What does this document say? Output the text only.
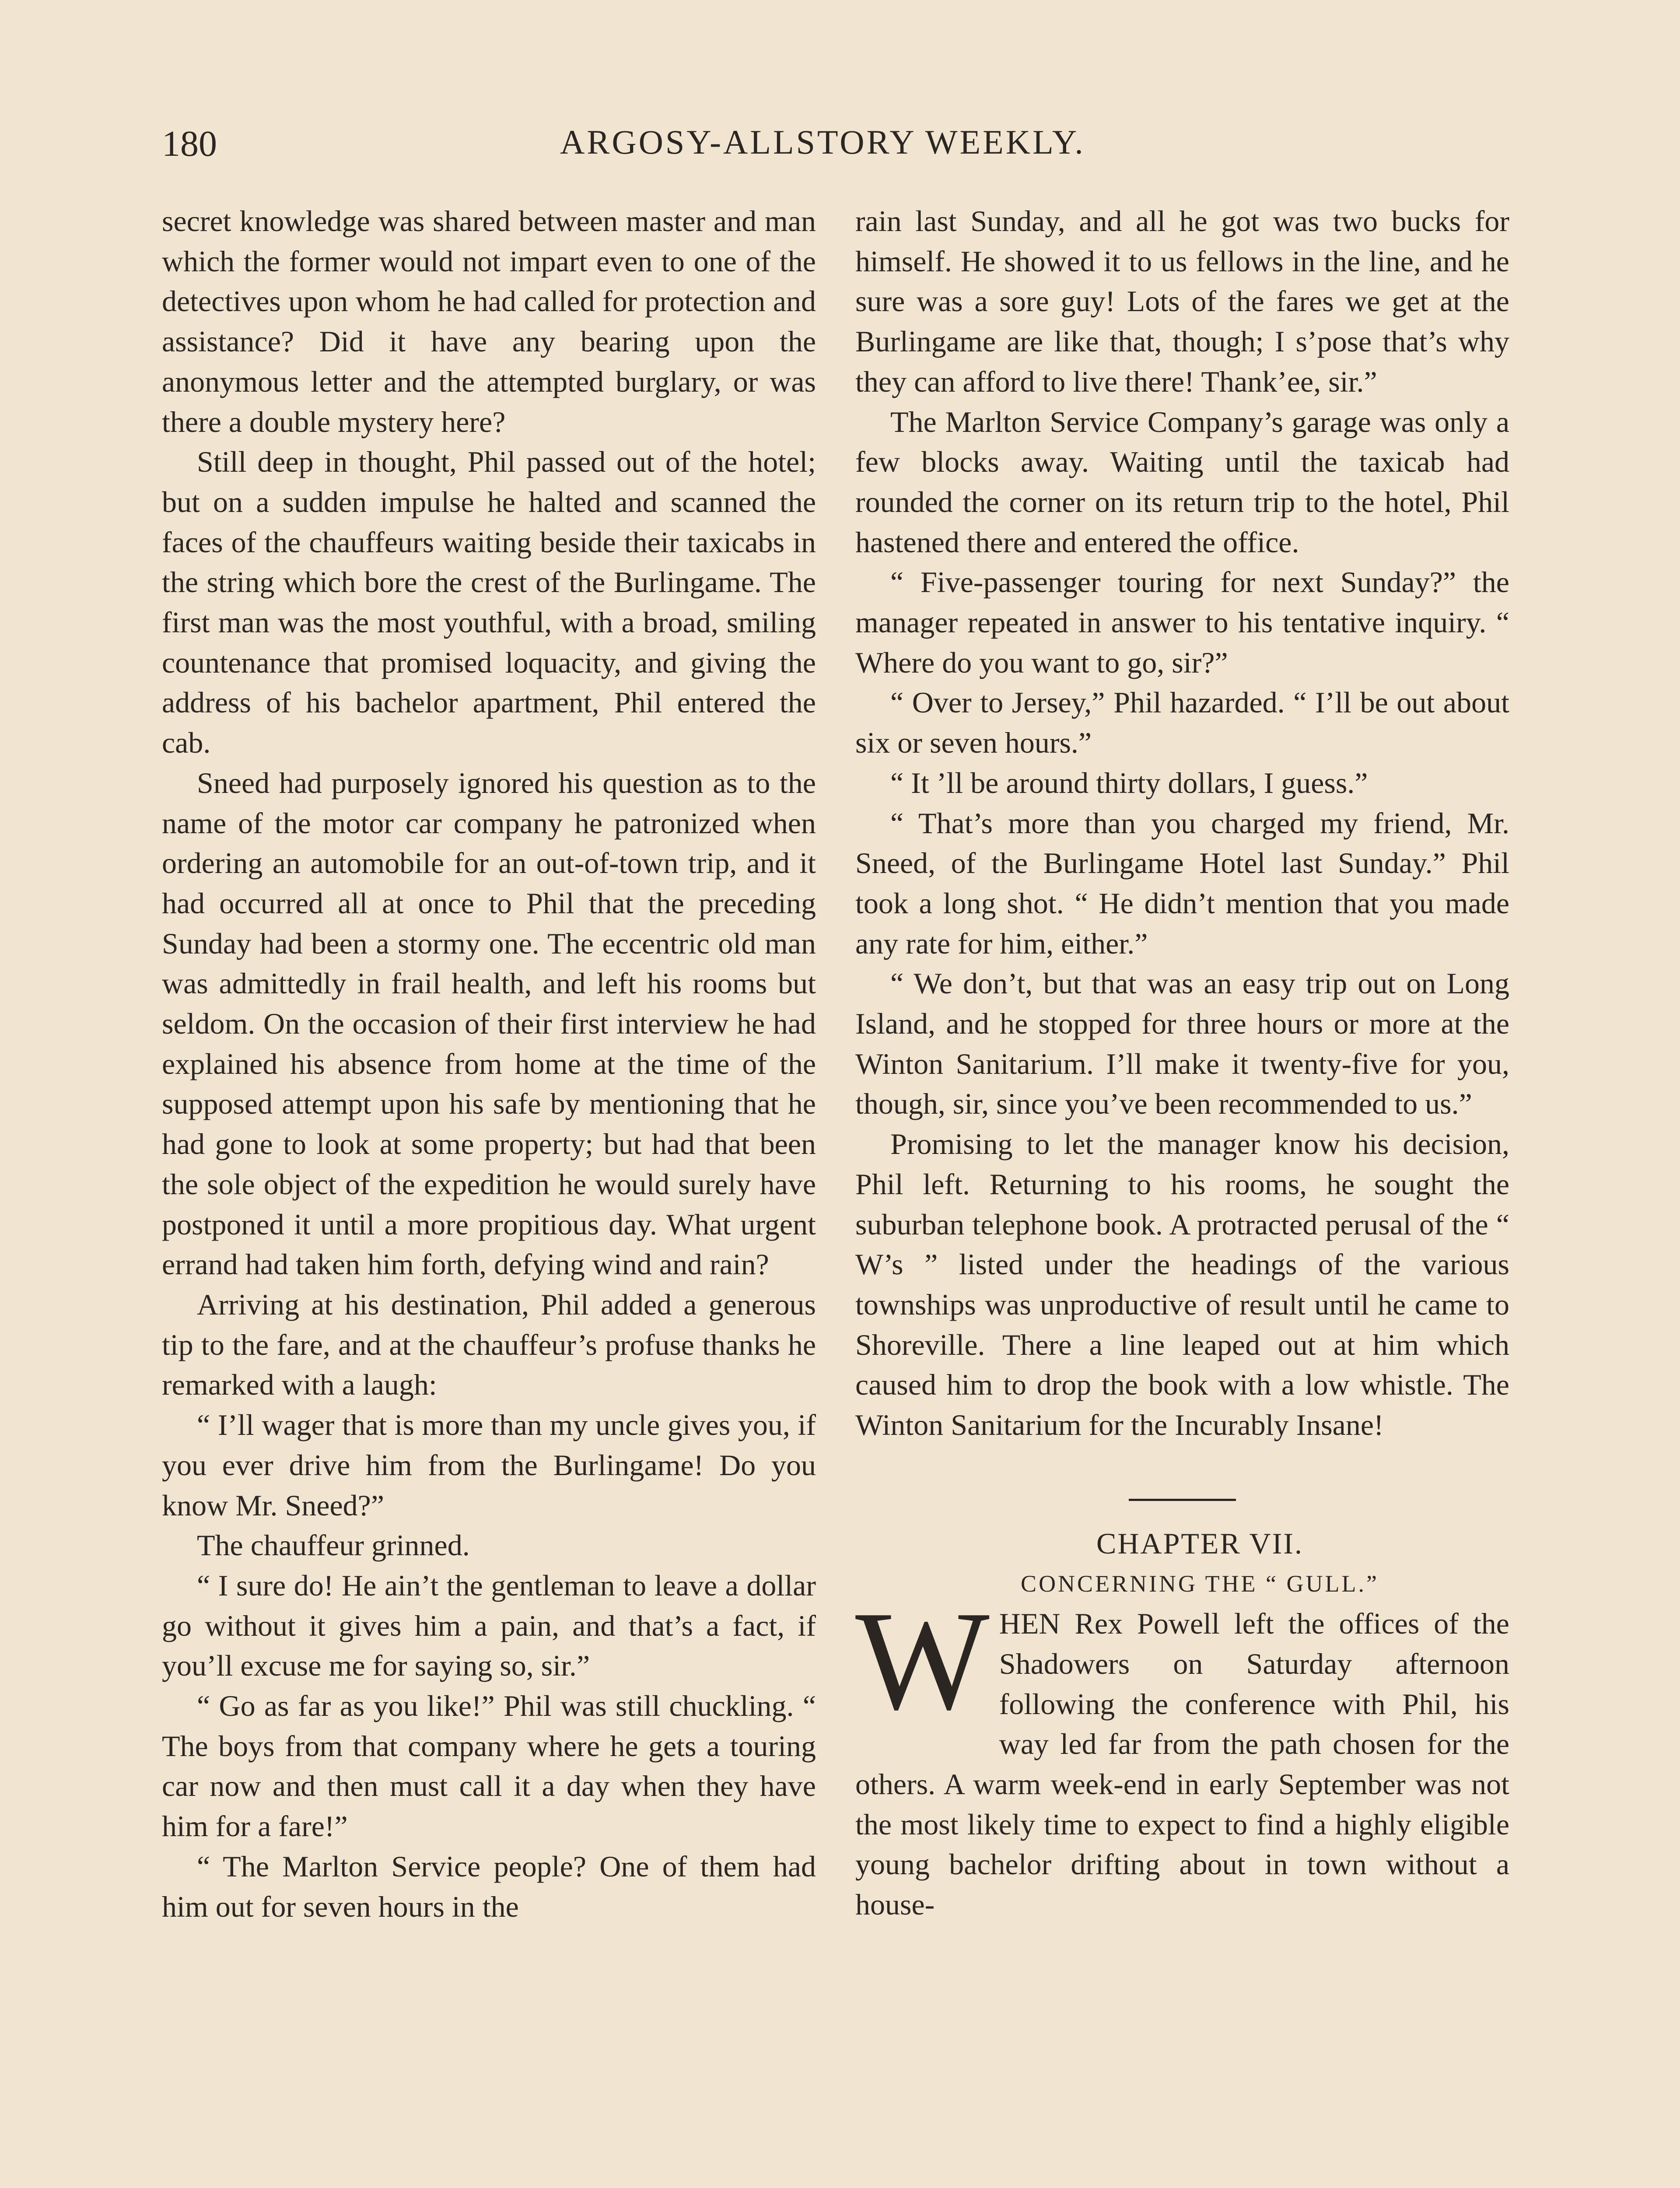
180	ARGOSY-ALLSTORY WEEKLY.

secret knowledge was shared between master and man which the former would not impart even to one of the detectives upon whom he had called for protection and assistance? Did it have any bearing upon the anonymous letter and the attempted burglary, or was there a double mystery here?

Still deep in thought, Phil passed out of the hotel; but on a sudden impulse he halted and scanned the faces of the chauffeurs waiting beside their taxicabs in the string which bore the crest of the Burlingame. The first man was the most youthful, with a broad, smiling countenance that promised loquacity, and giving the address of his bachelor apartment, Phil entered the cab.

Sneed had purposely ignored his question as to the name of the motor car company he patronized when ordering an automobile for an out-of-town trip, and it had occurred all at once to Phil that the preceding Sunday had been a stormy one. The eccentric old man was admittedly in frail health, and left his rooms but seldom. On the occasion of their first interview he had explained his absence from home at the time of the supposed attempt upon his safe by mentioning that he had gone to look at some property; but had that been the sole object of the expedition he would surely have postponed it until a more propitious day. What urgent errand had taken him forth, defying wind and rain?

Arriving at his destination, Phil added a generous tip to the fare, and at the chauffeur’s profuse thanks he remarked with a laugh:

“ I’ll wager that is more than my uncle gives you, if you ever drive him from the Burlingame! Do you know Mr. Sneed?”

The chauffeur grinned.

“ I sure do! He ain’t the gentleman to leave a dollar go without it gives him a pain, and that’s a fact, if you’ll excuse me for saying so, sir.”

“ Go as far as you like!” Phil was still chuckling. “ The boys from that company where he gets a touring car now and then must call it a day when they have him for a fare!”

“ The Marlton Service people? One of them had him out for seven hours in the

rain last Sunday, and all he got was two bucks for himself. He showed it to us fellows in the line, and he sure was a sore guy! Lots of the fares we get at the Burlingame are like that, though; I s’pose that’s why they can afford to live there! Thank’ee, sir.”

The Marlton Service Company’s garage was only a few blocks away. Waiting until the taxicab had rounded the corner on its return trip to the hotel, Phil hastened there and entered the office.

“ Five-passenger touring for next Sunday?” the manager repeated in answer to his tentative inquiry. “ Where do you want to go, sir?”

“ Over to Jersey,” Phil hazarded. “ I’ll be out about six or seven hours.”

“ It ’ll be around thirty dollars, I guess.”

“ That’s more than you charged my friend, Mr. Sneed, of the Burlingame Hotel last Sunday.” Phil took a long shot. “ He didn’t mention that you made any rate for him, either.”

“ We don’t, but that was an easy trip out on Long Island, and he stopped for three hours or more at the Winton Sanitarium. I’ll make it twenty-five for you, though, sir, since you’ve been recommended to us.”

Promising to let the manager know his decision, Phil left. Returning to his rooms, he sought the suburban telephone book. A protracted perusal of the “ W’s ” listed under the headings of the various townships was unproductive of result until he came to Shoreville. There a line leaped out at him which caused him to drop the book with a low whistle. The Winton Sanitarium for the Incurably Insane!

CHAPTER VII.

CONCERNING THE “ GULL.”

WHEN Rex Powell left the offices of the Shadowers on Saturday afternoon following the conference with Phil, his way led far from the path chosen for the others. A warm week-end in early September was not the most likely time to expect to find a highly eligible young bachelor drifting about in town without a house-
